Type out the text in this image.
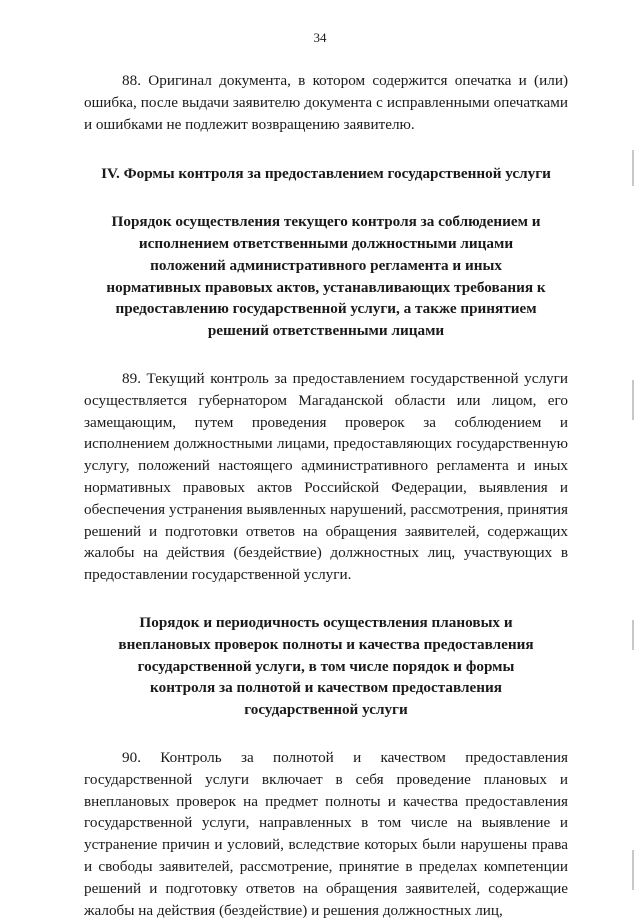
34

88. Оригинал документа, в котором содержится опечатка и (или) ошибка, после выдачи заявителю документа с исправленными опечатками и ошибками не подлежит возвращению заявителю.

IV. Формы контроля за предоставлением государственной услуги

Порядок осуществления текущего контроля за соблюдением и исполнением ответственными должностными лицами положений административного регламента и иных нормативных правовых актов, устанавливающих требования к предоставлению государственной услуги, а также принятием решений ответственными лицами

89. Текущий контроль за предоставлением государственной услуги осуществляется губернатором Магаданской области или лицом, его замещающим, путем проведения проверок за соблюдением и исполнением должностными лицами, предоставляющих государственную услугу, положений настоящего административного регламента и иных нормативных правовых актов Российской Федерации, выявления и обеспечения устранения выявленных нарушений, рассмотрения, принятия решений и подготовки ответов на обращения заявителей, содержащих жалобы на действия (бездействие) должностных лиц, участвующих в предоставлении государственной услуги.

Порядок и периодичность осуществления плановых и внеплановых проверок полноты и качества предоставления государственной услуги, в том числе порядок и формы контроля за полнотой и качеством предоставления государственной услуги

90. Контроль за полнотой и качеством предоставления государственной услуги включает в себя проведение плановых и внеплановых проверок на предмет полноты и качества предоставления государственной услуги, направленных в том числе на выявление и устранение причин и условий, вследствие которых были нарушены права и свободы заявителей, рассмотрение, принятие в пределах компетенции решений и подготовку ответов на обращения заявителей, содержащие жалобы на действия (бездействие) и решения должностных лиц,
